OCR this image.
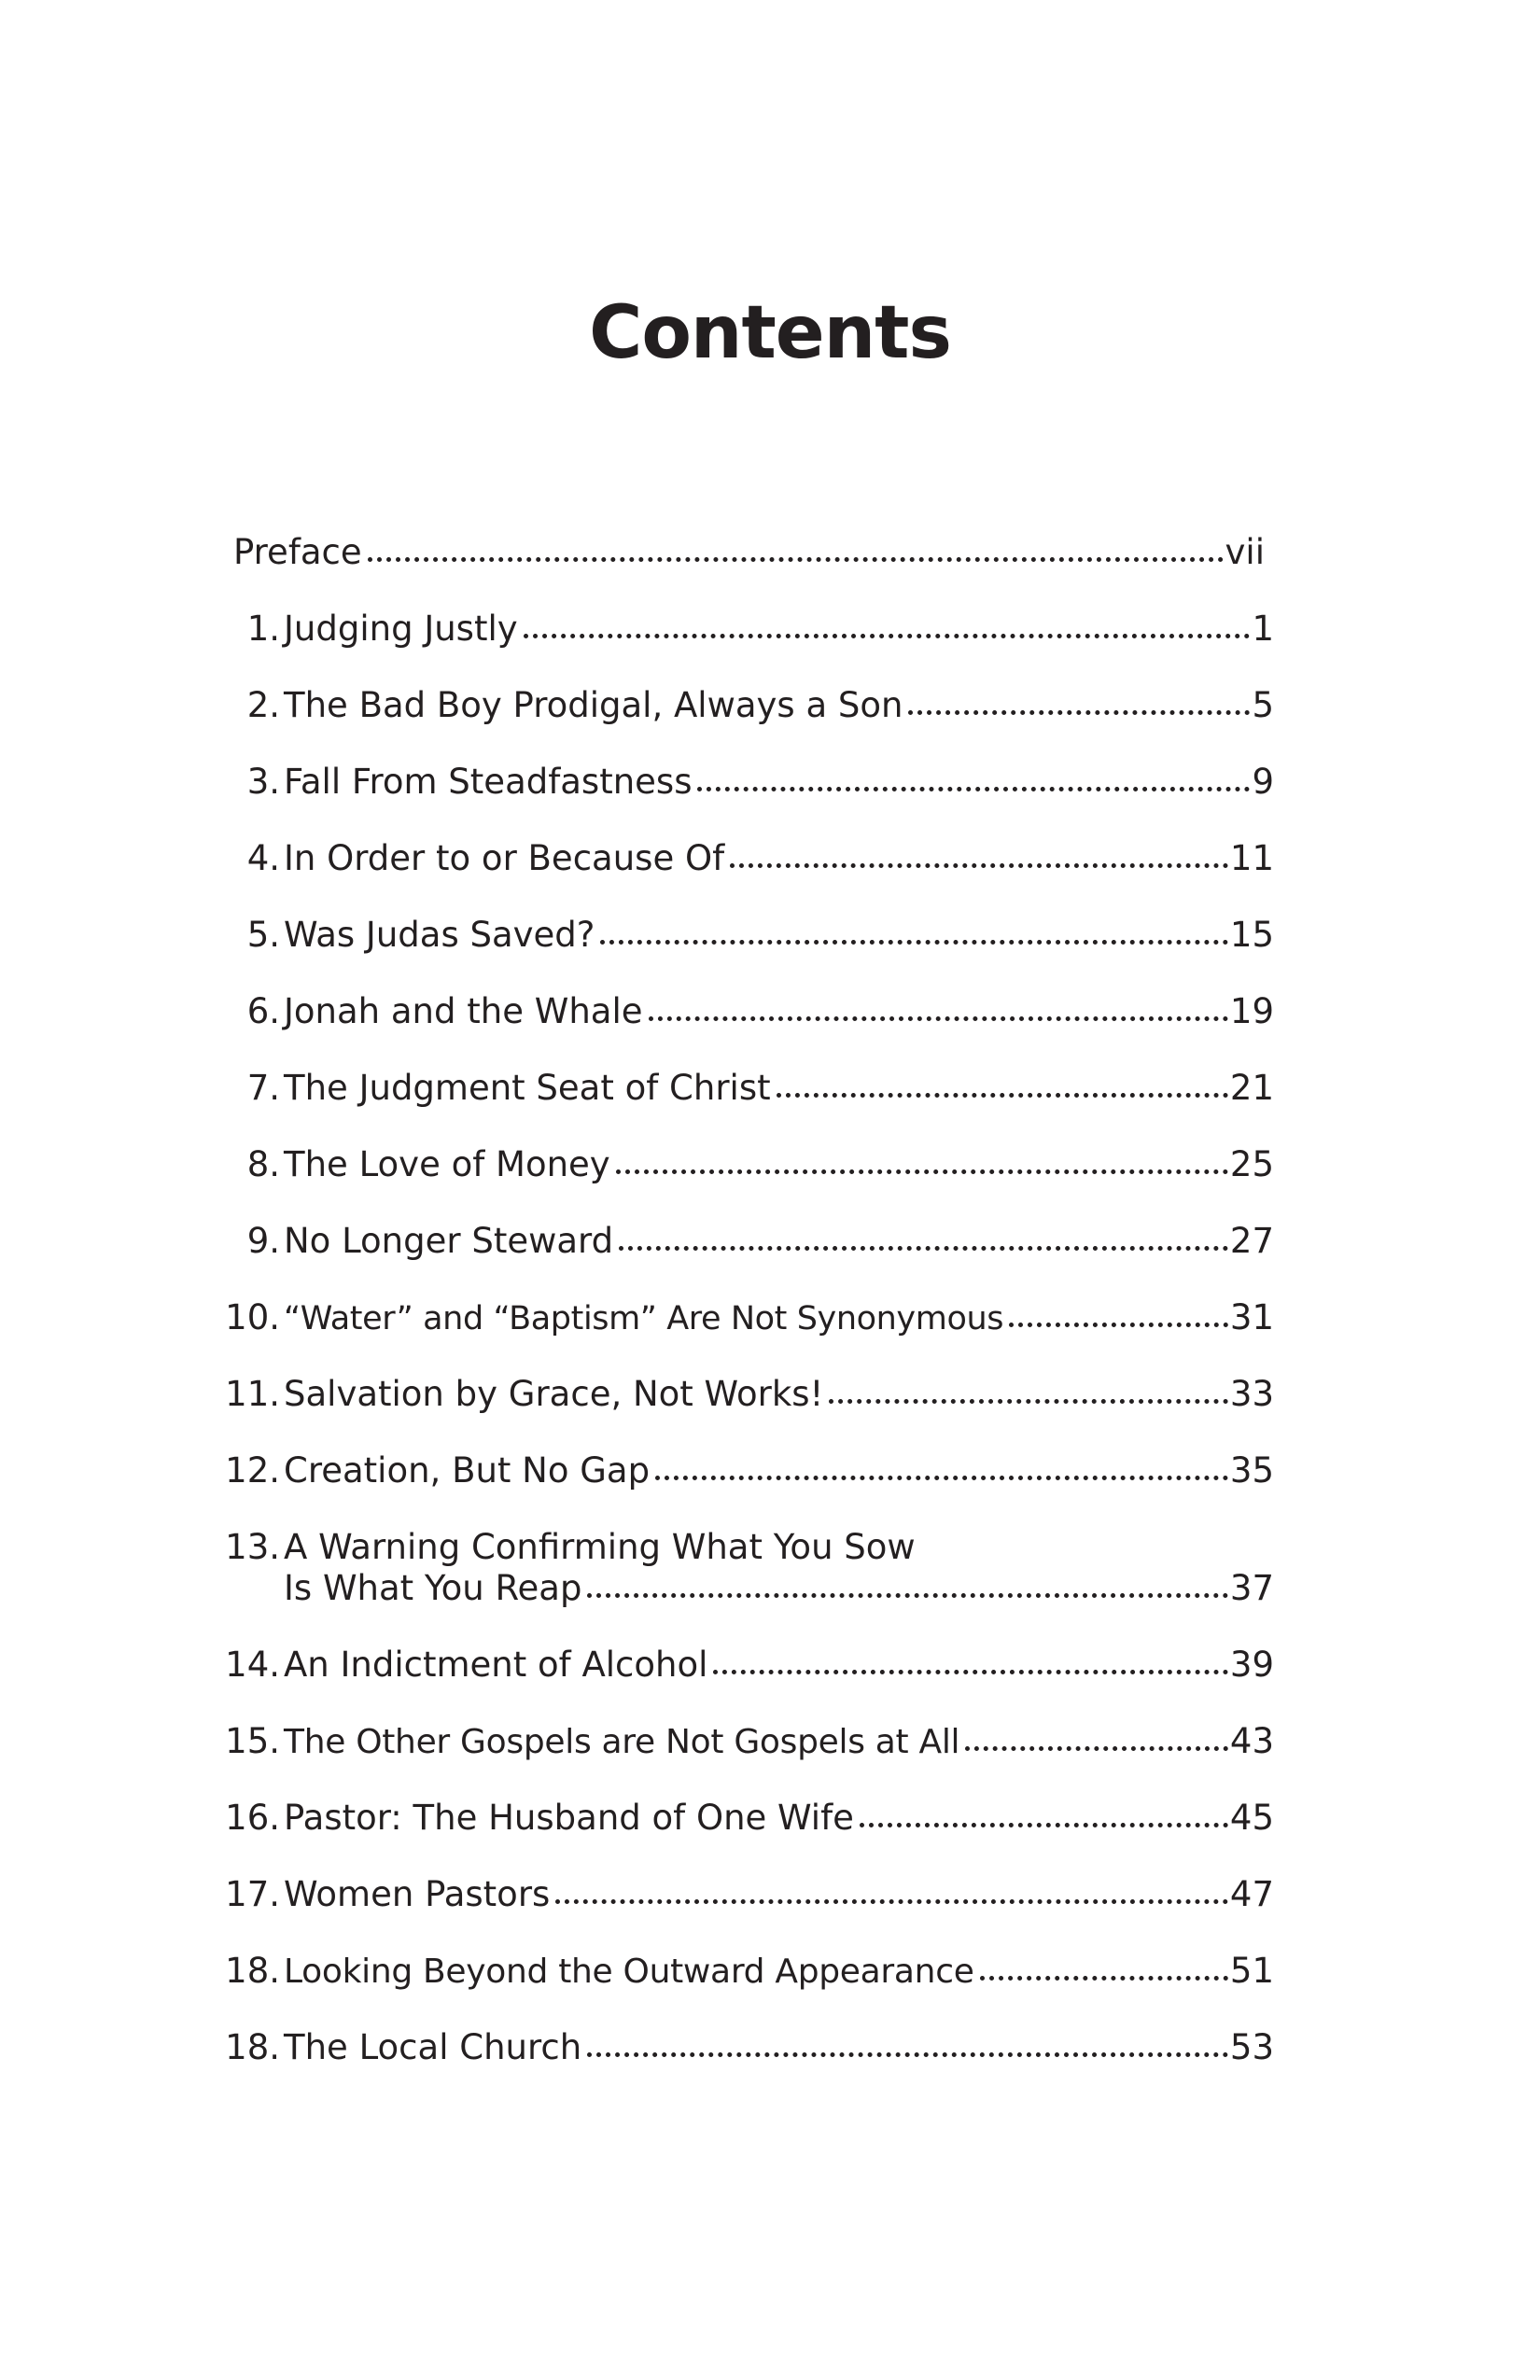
Contents
Preface	vii
1. Judging Justly	1
2. The Bad Boy Prodigal, Always a Son	5
3. Fall From Steadfastness	9
4. In Order to or Because Of	11
5. Was Judas Saved?	15
6. Jonah and the Whale	19
7. The Judgment Seat of Christ	21
8. The Love of Money	25
9. No Longer Steward	27
10. “Water” and “Baptism” Are Not Synonymous	31
11. Salvation by Grace, Not Works!	33
12. Creation, But No Gap	35
13. A Warning Confirming What You Sow
Is What You Reap	37
14. An Indictment of Alcohol	39
15. The Other Gospels are Not Gospels at All	43
16. Pastor: The Husband of One Wife	45
17. Women Pastors	47
18. Looking Beyond the Outward Appearance	51
18. The Local Church	53
